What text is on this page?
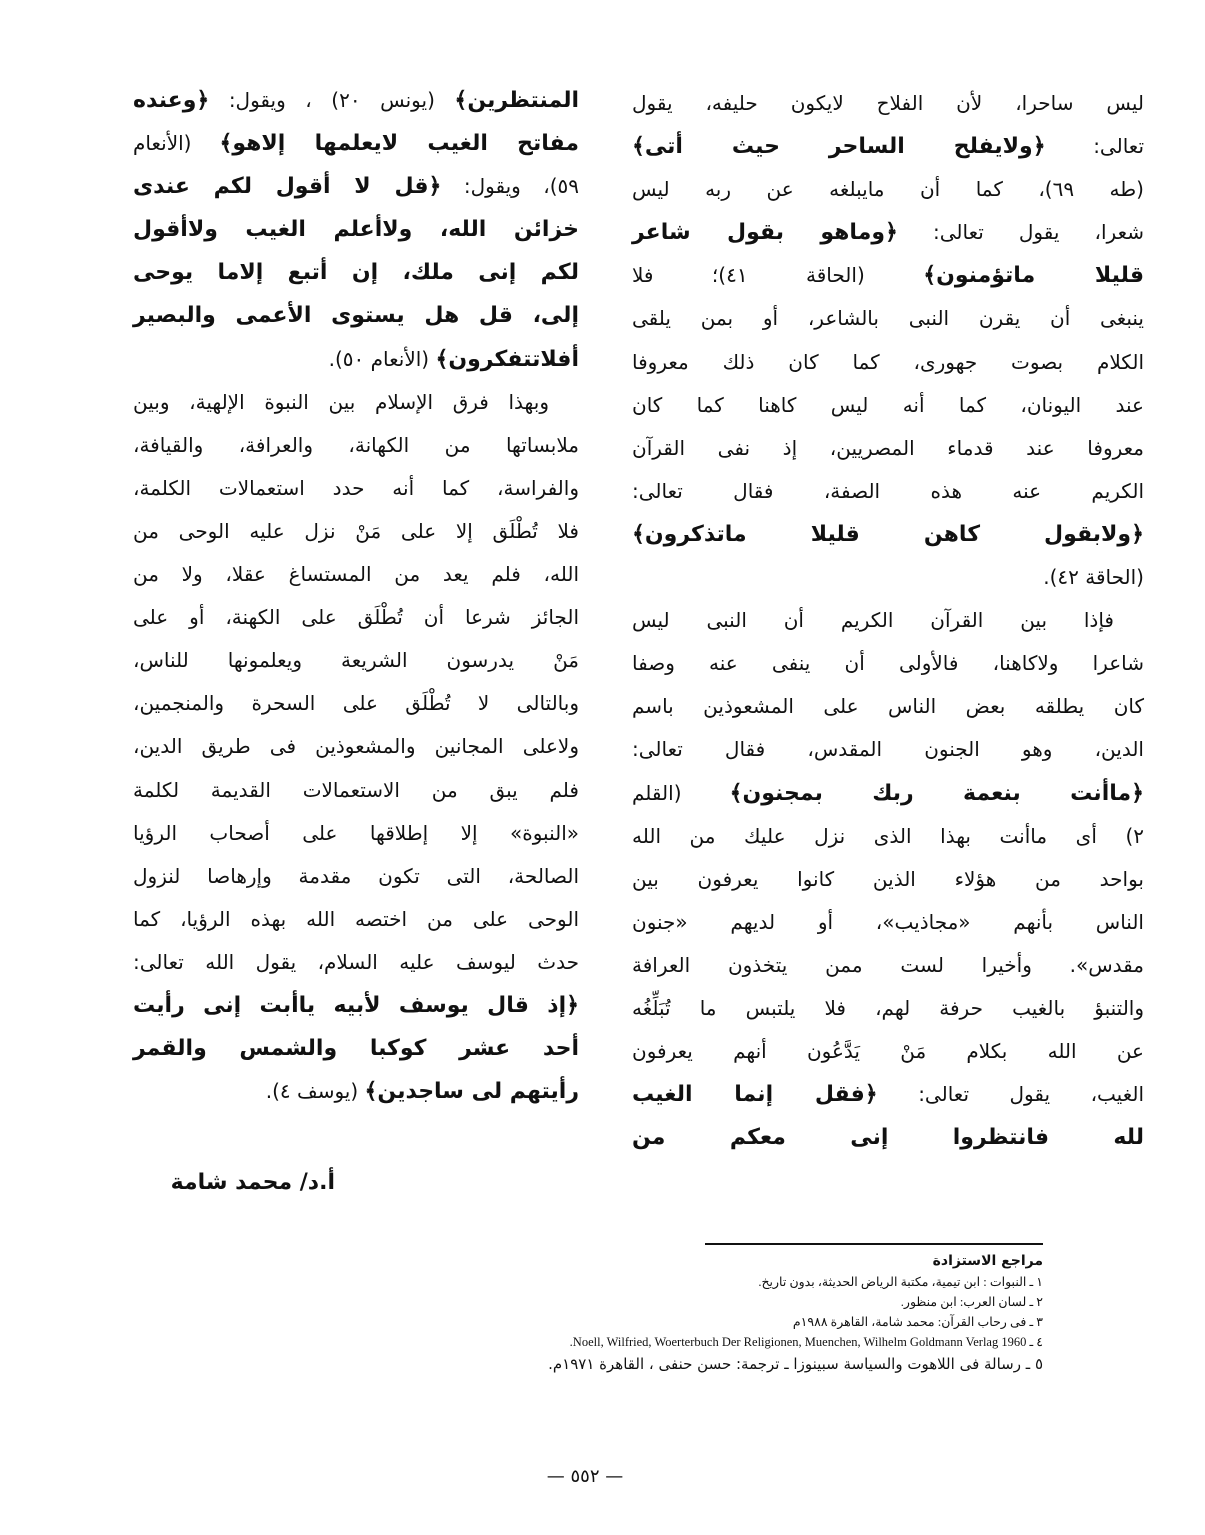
ليس ساحرا، لأن الفلاح لايكون حليفه، يقول
تعالى: ﴿ولايفلح الساحر حيث أتى﴾
(طه ٦٩)، كما أن مايبلغه عن ربه ليس
شعرا، يقول تعالى: ﴿وماهو بقول شاعر
قليلا ماتؤمنون﴾ (الحاقة ٤١)؛ فلا
ينبغى أن يقرن النبى بالشاعر، أو بمن يلقى
الكلام بصوت جهورى، كما كان ذلك معروفا
عند اليونان، كما أنه ليس كاهنا كما كان
معروفا عند قدماء المصريين، إذ نفى القرآن
الكريم عنه هذه الصفة، فقال تعالى:
﴿ولابقول كاهن قليلا ماتذكرون﴾
(الحاقة ٤٢).
فإذا بين القرآن الكريم أن النبى ليس
شاعرا ولاكاهنا، فالأولى أن ينفى عنه وصفا
كان يطلقه بعض الناس على المشعوذين باسم
الدين، وهو الجنون المقدس، فقال تعالى:
﴿ماأنت بنعمة ربك بمجنون﴾ (القلم
٢) أى ماأنت بهذا الذى نزل عليك من الله
بواحد من هؤلاء الذين كانوا يعرفون بين
الناس بأنهم «مجاذيب»، أو لديهم «جنون
مقدس». وأخيرا لست ممن يتخذون العرافة
والتنبؤ بالغيب حرفة لهم، فلا يلتبس ما تُبَلِّغُه
عن الله بكلام مَنْ يَدَّعُون أنهم يعرفون
الغيب، يقول تعالى: ﴿فقل إنما الغيب
لله فانتظروا إنى معكم من
المنتظرين﴾ (يونس ٢٠) ، ويقول: ﴿وعنده
مفاتح الغيب لايعلمها إلاهو﴾ (الأنعام
٥٩)، ويقول: ﴿قل لا أقول لكم عندى
خزائن الله، ولاأعلم الغيب ولاأقول
لكم إنى ملك، إن أتبع إلاما يوحى
إلى، قل هل يستوى الأعمى والبصير
أفلاتتفكرون﴾ (الأنعام ٥٠).
وبهذا فرق الإسلام بين النبوة الإلهية، وبين
ملابساتها من الكهانة، والعرافة، والقيافة،
والفراسة، كما أنه حدد استعمالات الكلمة،
فلا تُطْلَق إلا على مَنْ نزل عليه الوحى من
الله، فلم يعد من المستساغ عقلا، ولا من
الجائز شرعا أن تُطْلَق على الكهنة، أو على
مَنْ يدرسون الشريعة ويعلمونها للناس،
وبالتالى لا تُطْلَق على السحرة والمنجمين،
ولاعلى المجانين والمشعوذين فى طريق الدين،
فلم يبق من الاستعمالات القديمة لكلمة
«النبوة» إلا إطلاقها على أصحاب الرؤيا
الصالحة، التى تكون مقدمة وإرهاصا لنزول
الوحى على من اختصه الله بهذه الرؤيا، كما
حدث ليوسف عليه السلام، يقول الله تعالى:
﴿إذ قال يوسف لأبيه ياأبت إنى رأيت
أحد عشر كوكبا والشمس والقمر
رأيتهم لى ساجدين﴾ (يوسف ٤).
أ.د/ محمد شامة
مراجع الاستزادة
١ ـ النبوات : ابن تيمية، مكتبة الرياض الحديثة، بدون تاريخ.
٢ ـ لسان العرب: ابن منظور.
٣ ـ فى رحاب القرآن: محمد شامة، القاهرة ١٩٨٨م
٤ ـ Noell, Wilfried, Woerterbuch Der Religionen, Muenchen, Wilhelm Goldmann Verlag 1960.
٥ ـ رسالة فى اللاهوت والسياسة سبينوزا ـ ترجمة: حسن حنفى ، القاهرة ١٩٧١م.
— ٥٥٢ —
